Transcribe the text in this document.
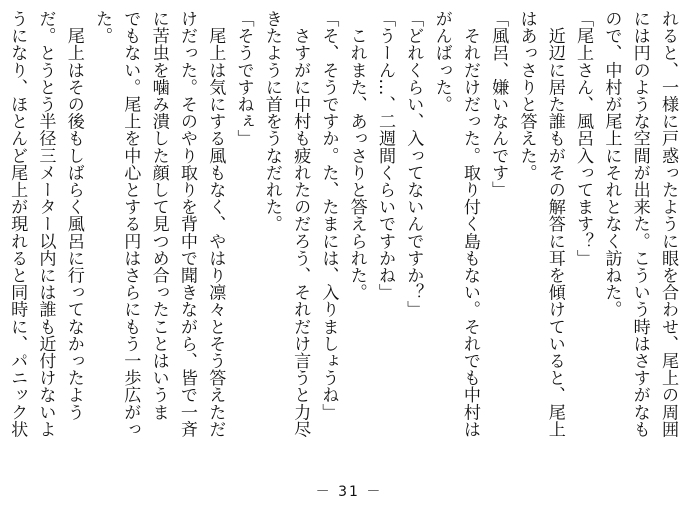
れると、一様に戸惑ったように眼を合わせ、尾上の周囲
には円のような空間が出来た。こういう時はさすがなも
ので、中村が尾上にそれとなく訪ねた。
「尾上さん、風呂入ってます？」
　近辺に居た誰もがその解答に耳を傾けていると、尾上
はあっさりと答えた。
「風呂、嫌いなんです」
　それだけだった。取り付く島もない。それでも中村は
がんばった。
「どれくらい、入ってないんですか？」
「うーん…、二週間くらいですかね」
　これまた、あっさりと答えられた。
「そ、そうですか。た、たまには、入りましょうね」
　さすがに中村も疲れたのだろう、それだけ言うと力尽
きたように首をうなだれた。
「そうですねぇ」
　尾上は気にする風もなく、やはり凛々とそう答えただ
けだった。そのやり取りを背中で聞きながら、皆で一斉
に苦虫を噛み潰した顔して見つめ合ったことはいうま
でもない。尾上を中心とする円はさらにもう一歩広がっ
た。
　尾上はその後もしばらく風呂に行ってなかったよう
だ。とうとう半径三メーター以内には誰も近付けないよ
うになり、ほとんど尾上が現れると同時に、パニック状
－ 31 －
